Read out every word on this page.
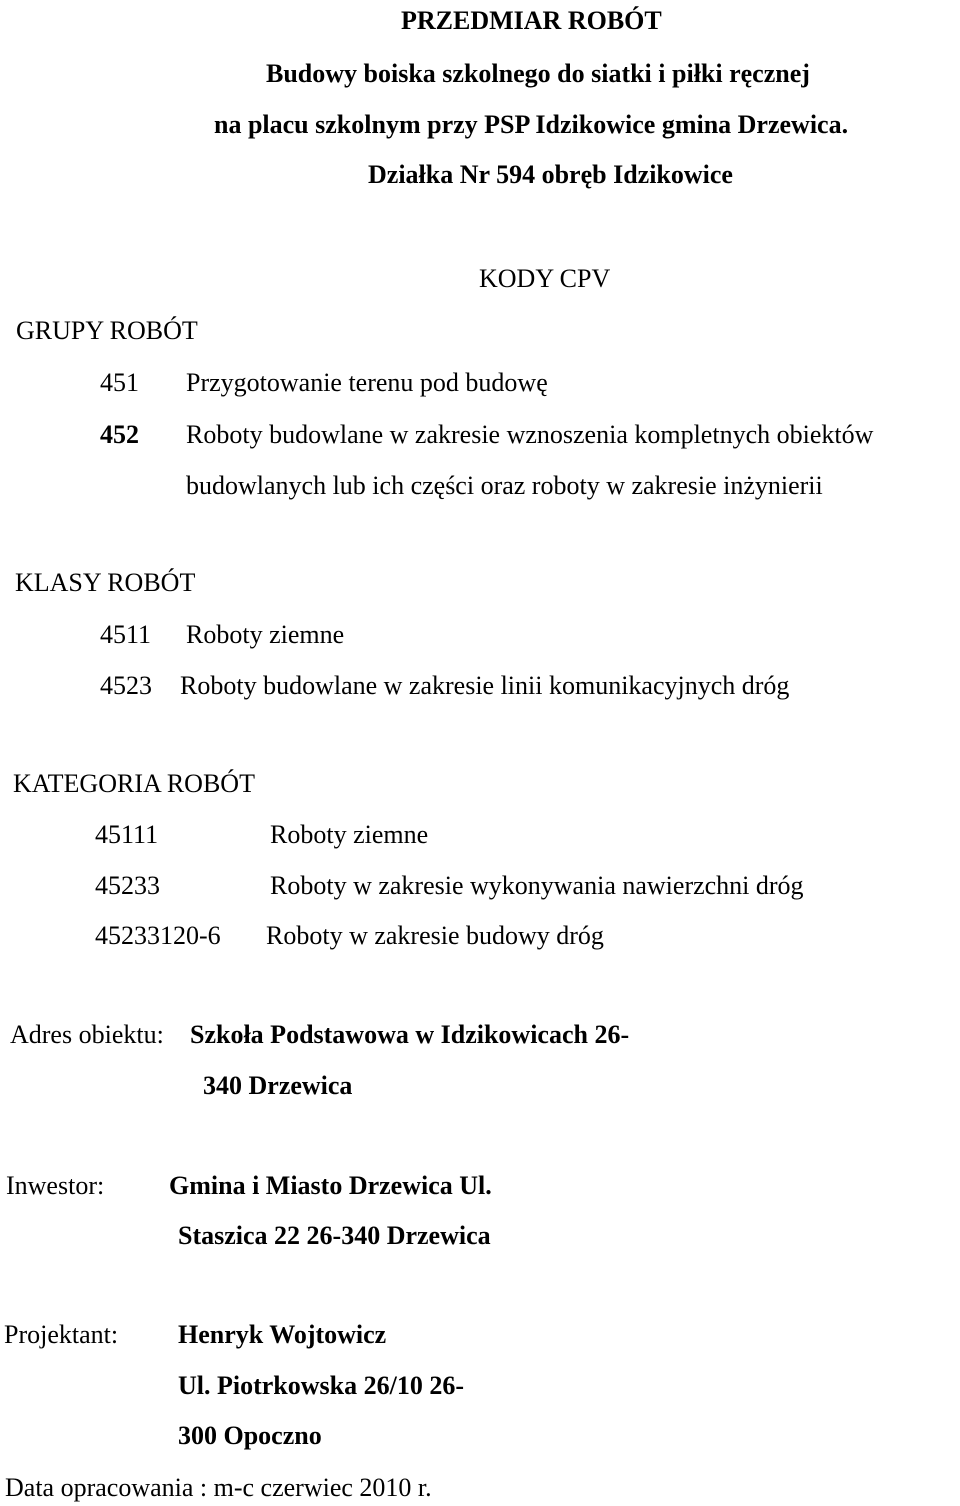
PRZEDMIAR ROBÓT
Budowy boiska szkolnego do siatki i piłki ręcznej
na placu szkolnym przy PSP Idzikowice gmina Drzewica.
Działka Nr 594 obręb Idzikowice
KODY CPV
GRUPY ROBÓT
451 Przygotowanie terenu pod budowę
452 Roboty budowlane w zakresie wznoszenia kompletnych obiektów
budowlanych lub ich części oraz roboty w zakresie inżynierii
KLASY ROBÓT
4511 Roboty ziemne
4523 Roboty budowlane w zakresie linii komunikacyjnych dróg
KATEGORIA ROBÓT
45111	Roboty ziemne
45233	Roboty w zakresie wykonywania nawierzchni dróg
45233120-6 Roboty w zakresie budowy dróg
Adres obiektu: Szkoła Podstawowa w Idzikowicach 26-
340 Drzewica
Inwestor: Gmina i Miasto Drzewica Ul.
Staszica 22 26-340 Drzewica
Projektant: Henryk Wojtowicz
Ul. Piotrkowska 26/10 26-
300 Opoczno
Data opracowania : m-c czerwiec 2010 r.
